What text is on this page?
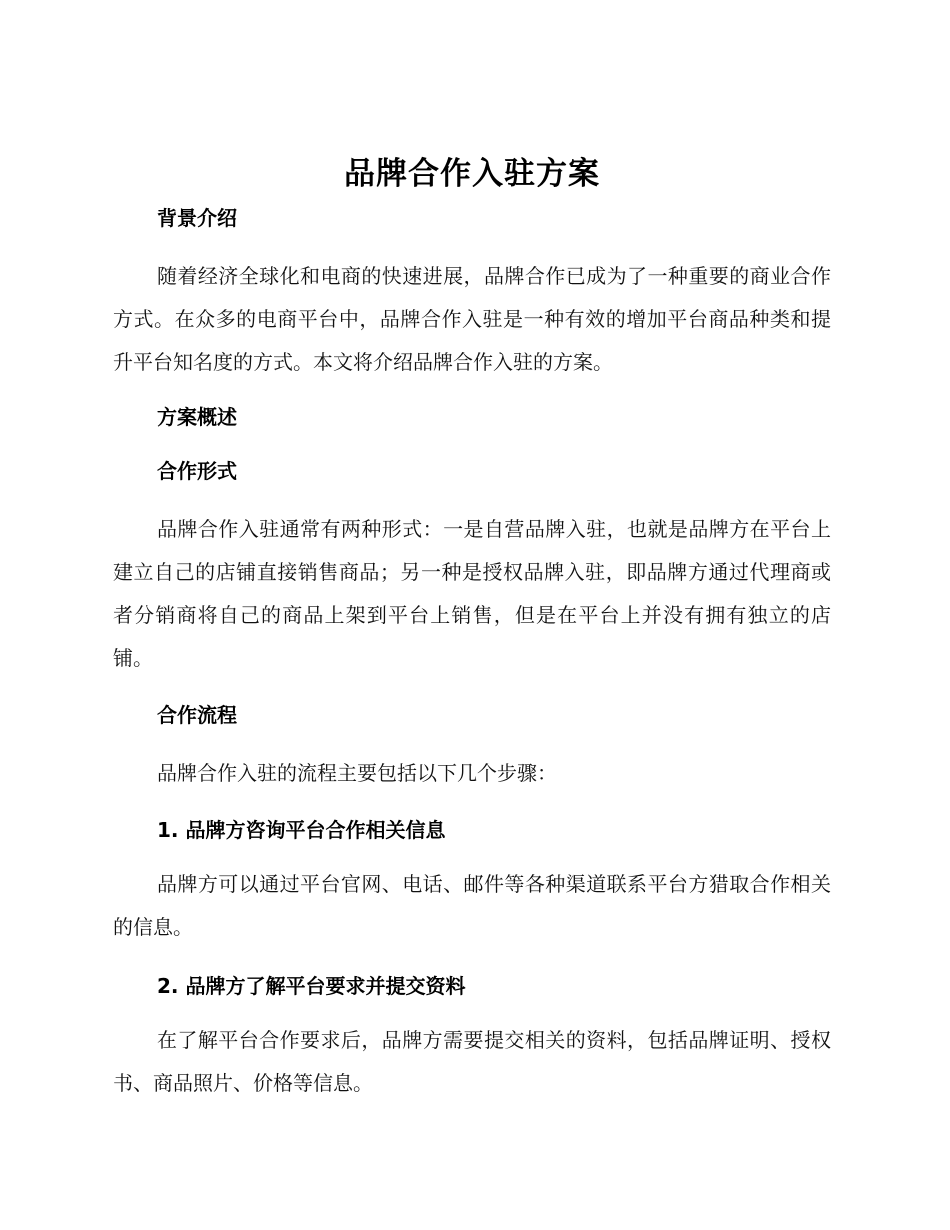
品牌合作入驻方案
背景介绍

随着经济全球化和电商的快速进展，品牌合作已成为了一种重要的商业合作方式。在众多的电商平台中，品牌合作入驻是一种有效的增加平台商品种类和提升平台知名度的方式。本文将介绍品牌合作入驻的方案。

方案概述
合作形式

品牌合作入驻通常有两种形式：一是自营品牌入驻，也就是品牌方在平台上建立自己的店铺直接销售商品；另一种是授权品牌入驻，即品牌方通过代理商或者分销商将自己的商品上架到平台上销售，但是在平台上并没有拥有独立的店铺。

合作流程

品牌合作入驻的流程主要包括以下几个步骤：

1. 品牌方咨询平台合作相关信息

品牌方可以通过平台官网、电话、邮件等各种渠道联系平台方猎取合作相关的信息。

2. 品牌方了解平台要求并提交资料

在了解平台合作要求后，品牌方需要提交相关的资料，包括品牌证明、授权书、商品照片、价格等信息。
